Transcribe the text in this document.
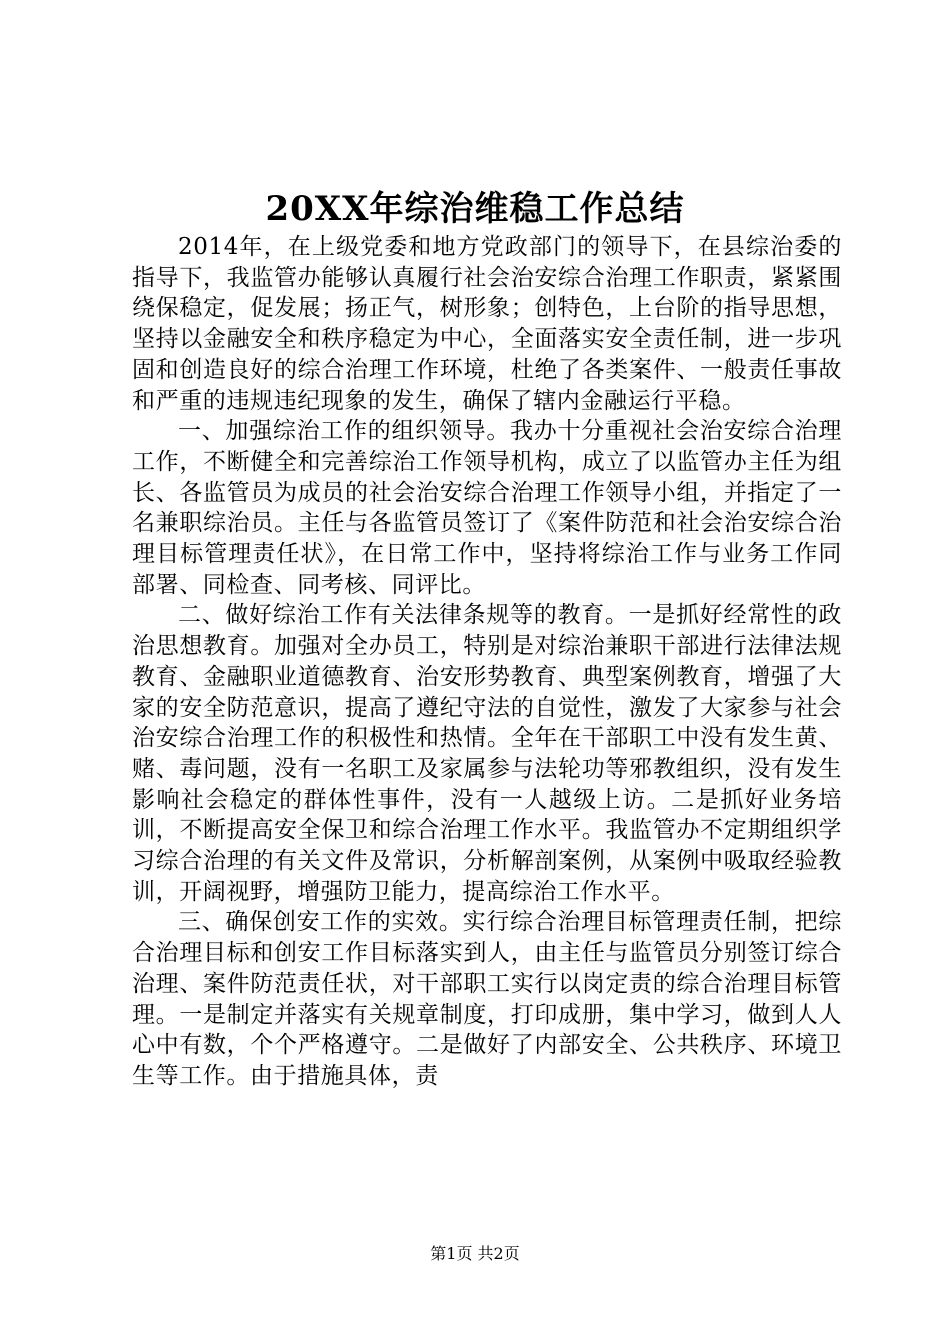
20XX年综治维稳工作总结

2014年，在上级党委和地方党政部门的领导下，在县综治委的指导下，我监管办能够认真履行社会治安综合治理工作职责，紧紧围绕保稳定，促发展；扬正气，树形象；创特色，上台阶的指导思想，坚持以金融安全和秩序稳定为中心，全面落实安全责任制，进一步巩固和创造良好的综合治理工作环境，杜绝了各类案件、一般责任事故和严重的违规违纪现象的发生，确保了辖内金融运行平稳。

一、加强综治工作的组织领导。我办十分重视社会治安综合治理工作，不断健全和完善综治工作领导机构，成立了以监管办主任为组长、各监管员为成员的社会治安综合治理工作领导小组，并指定了一名兼职综治员。主任与各监管员签订了《案件防范和社会治安综合治理目标管理责任状》，在日常工作中，坚持将综治工作与业务工作同部署、同检查、同考核、同评比。

二、做好综治工作有关法律条规等的教育。一是抓好经常性的政治思想教育。加强对全办员工，特别是对综治兼职干部进行法律法规教育、金融职业道德教育、治安形势教育、典型案例教育，增强了大家的安全防范意识，提高了遵纪守法的自觉性，激发了大家参与社会治安综合治理工作的积极性和热情。全年在干部职工中没有发生黄、赌、毒问题，没有一名职工及家属参与法轮功等邪教组织，没有发生影响社会稳定的群体性事件，没有一人越级上访。二是抓好业务培训，不断提高安全保卫和综合治理工作水平。我监管办不定期组织学习综合治理的有关文件及常识，分析解剖案例，从案例中吸取经验教训，开阔视野，增强防卫能力，提高综治工作水平。

三、确保创安工作的实效。实行综合治理目标管理责任制，把综合治理目标和创安工作目标落实到人，由主任与监管员分别签订综合治理、案件防范责任状，对干部职工实行以岗定责的综合治理目标管理。一是制定并落实有关规章制度，打印成册，集中学习，做到人人心中有数，个个严格遵守。二是做好了内部安全、公共秩序、环境卫生等工作。由于措施具体，责

第1页 共2页
